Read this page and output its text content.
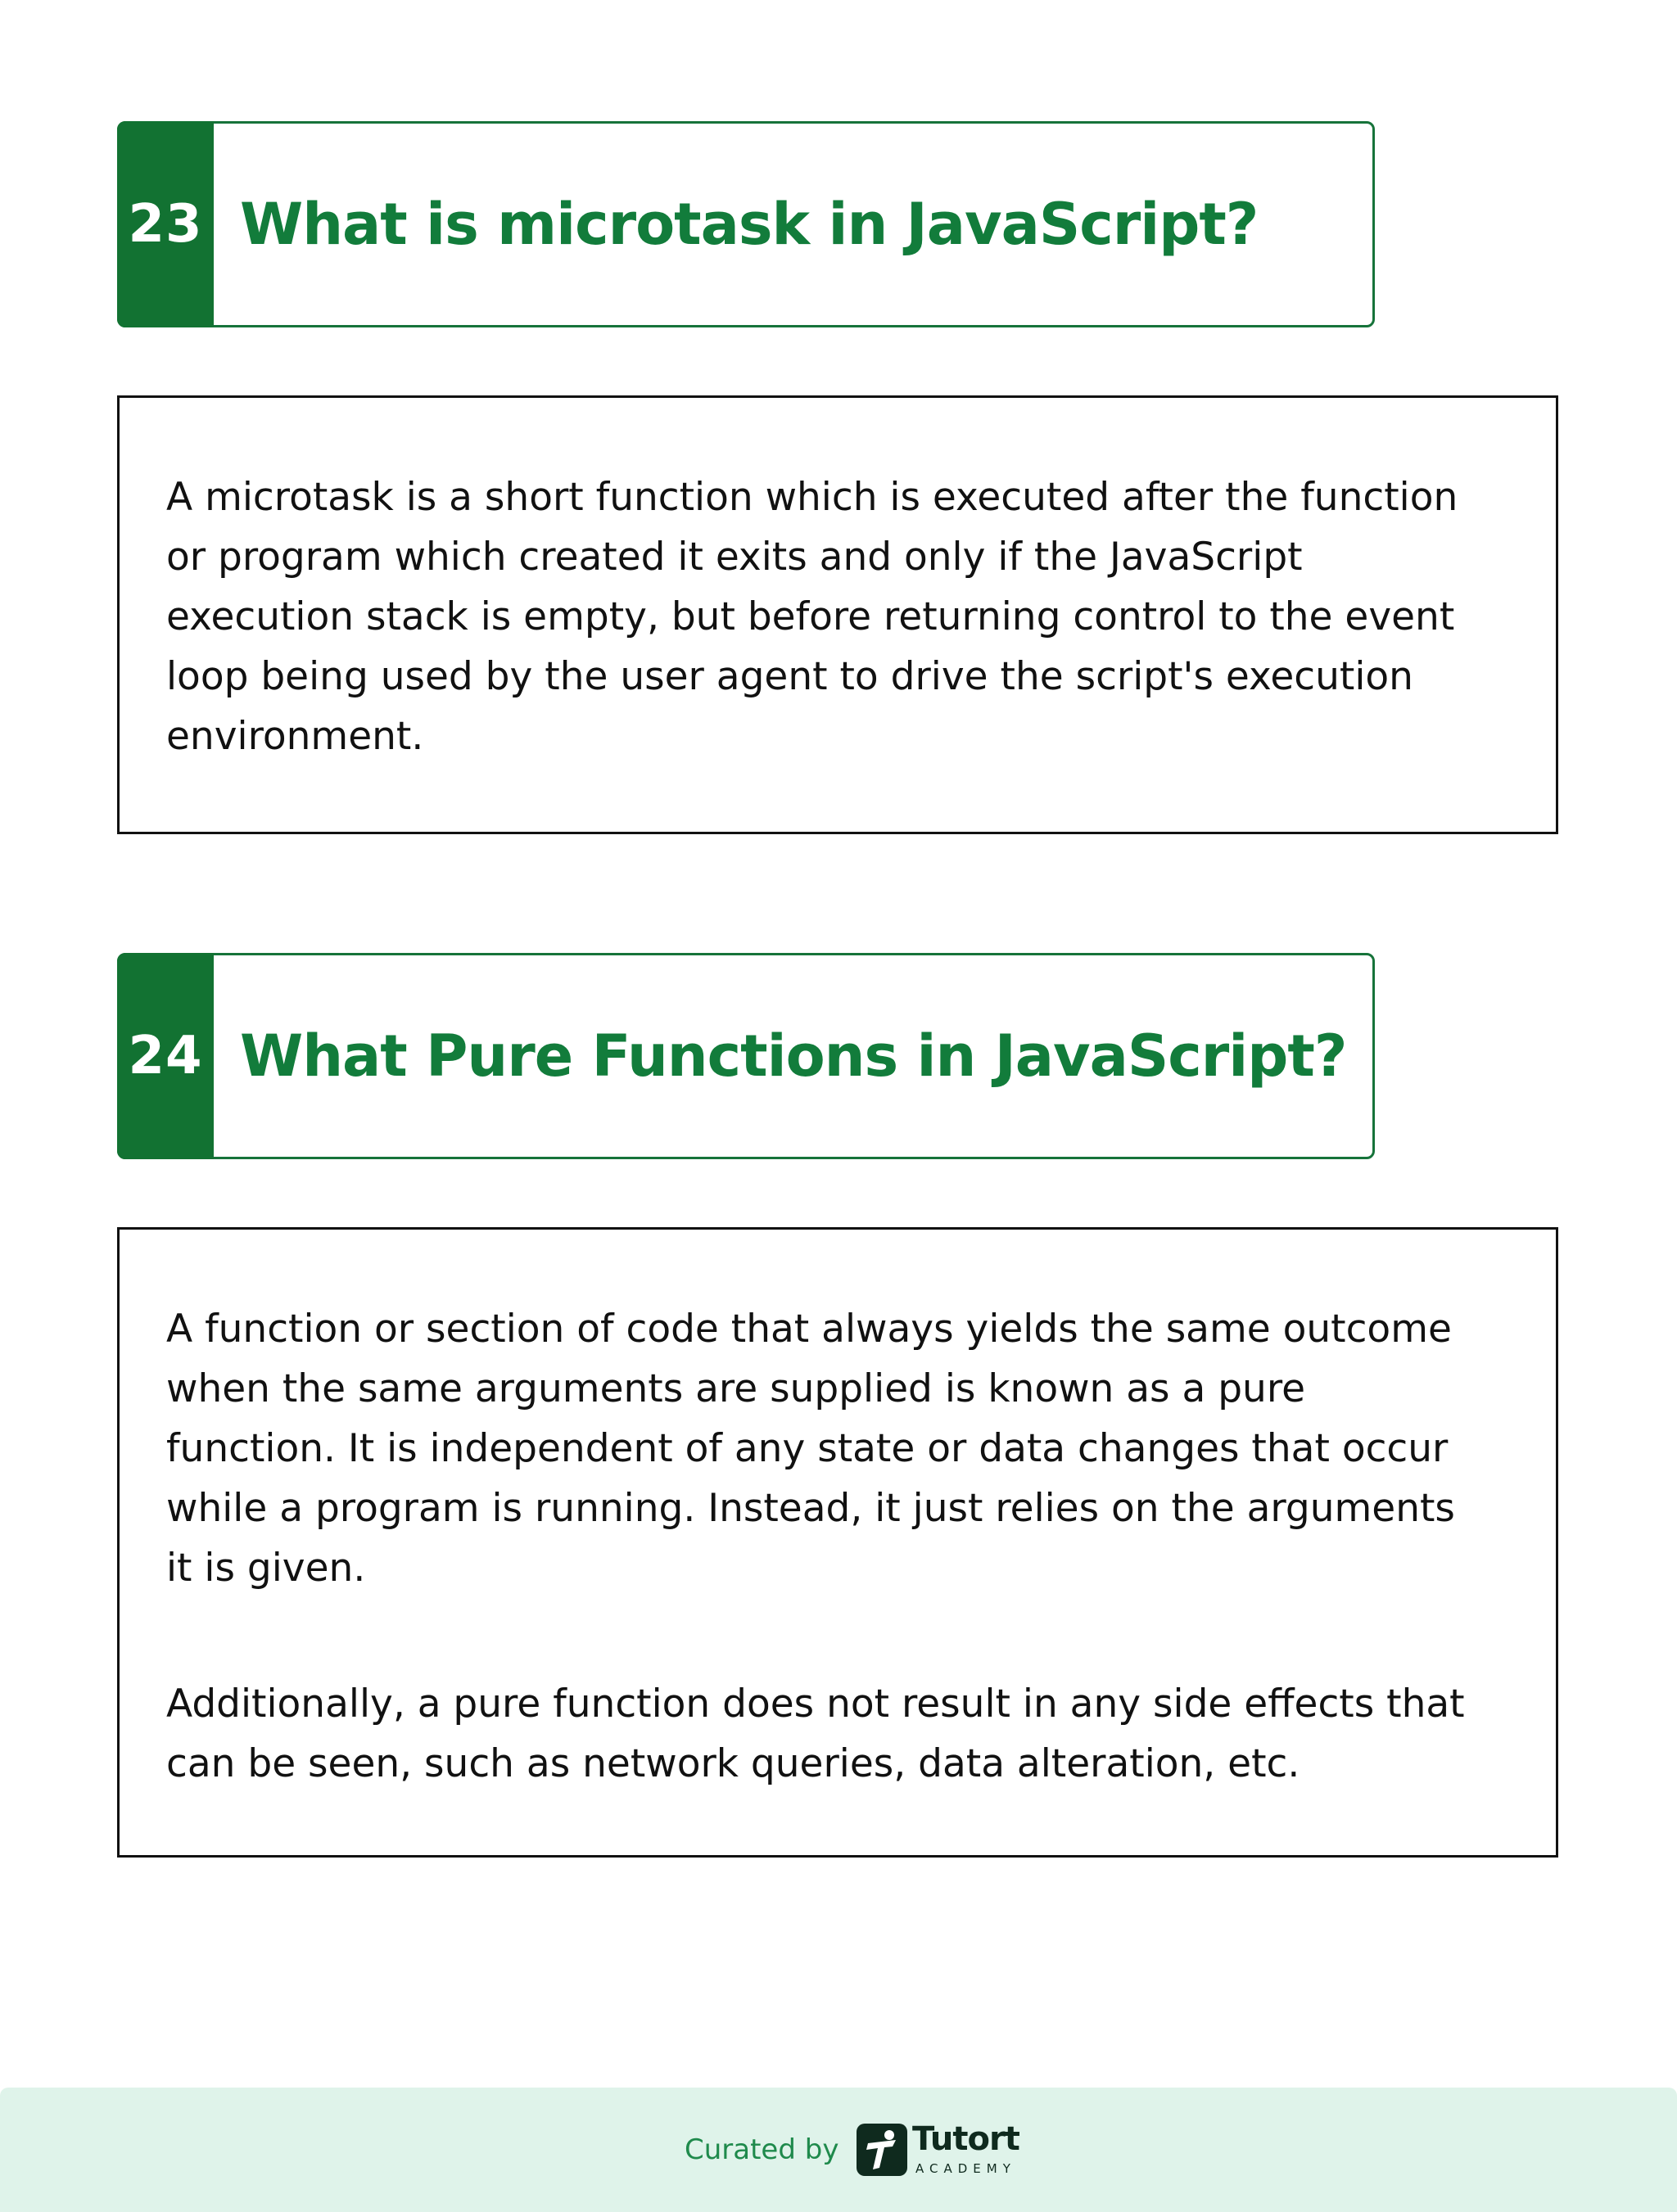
23 What is microtask in JavaScript?
A microtask is a short function which is executed after the function
or program which created it exits and only if the JavaScript
execution stack is empty, but before returning control to the event
loop being used by the user agent to drive the script's execution
environment.
24 What Pure Functions in JavaScript?
A function or section of code that always yields the same outcome
when the same arguments are supplied is known as a pure
function. It is independent of any state or data changes that occur
while a program is running. Instead, it just relies on the arguments
it is given.
Additionally, a pure function does not result in any side effects that
can be seen, such as network queries, data alteration, etc.
Curated by Tutort
ACADEMY
